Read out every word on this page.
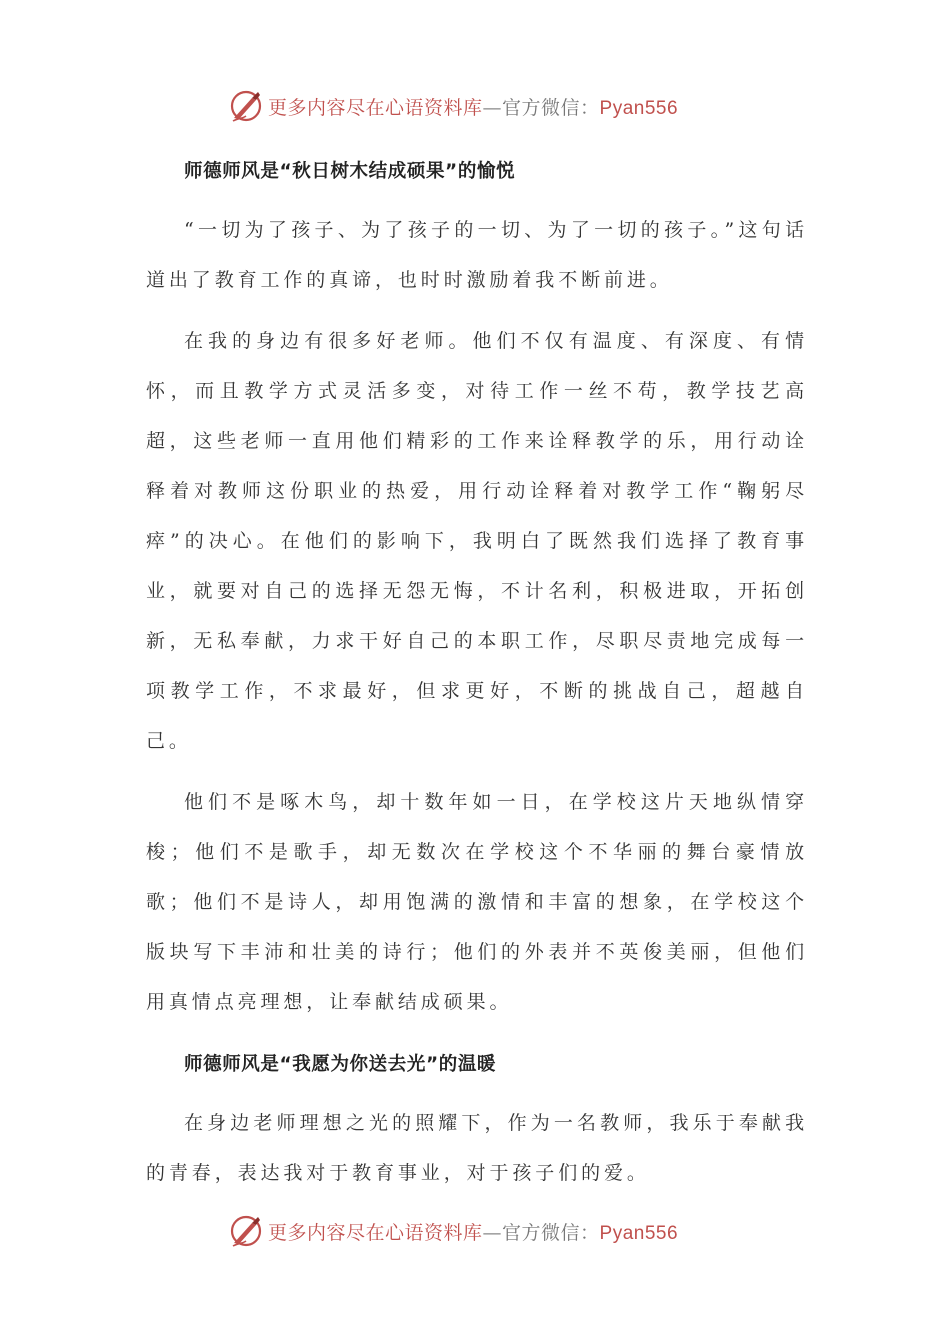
更多内容尽在心语资料库—官方微信：Pyan556

师德师风是“秋日树木结成硕果”的愉悦

“一切为了孩子、为了孩子的一切、为了一切的孩子。”这句话道出了教育工作的真谛，也时时激励着我不断前进。

在我的身边有很多好老师。他们不仅有温度、有深度、有情怀，而且教学方式灵活多变，对待工作一丝不苟，教学技艺高超，这些老师一直用他们精彩的工作来诠释教学的乐，用行动诠释着对教师这份职业的热爱，用行动诠释着对教学工作“鞠躬尽瘁”的决心。在他们的影响下，我明白了既然我们选择了教育事业，就要对自己的选择无怨无悔，不计名利，积极进取，开拓创新，无私奉献，力求干好自己的本职工作，尽职尽责地完成每一项教学工作，不求最好，但求更好，不断的挑战自己，超越自己。

他们不是啄木鸟，却十数年如一日，在学校这片天地纵情穿梭；他们不是歌手，却无数次在学校这个不华丽的舞台豪情放歌；他们不是诗人，却用饱满的激情和丰富的想象，在学校这个版块写下丰沛和壮美的诗行；他们的外表并不英俊美丽，但他们用真情点亮理想，让奉献结成硕果。

师德师风是“我愿为你送去光”的温暖

在身边老师理想之光的照耀下，作为一名教师，我乐于奉献我的青春，表达我对于教育事业，对于孩子们的爱。

更多内容尽在心语资料库—官方微信：Pyan556
